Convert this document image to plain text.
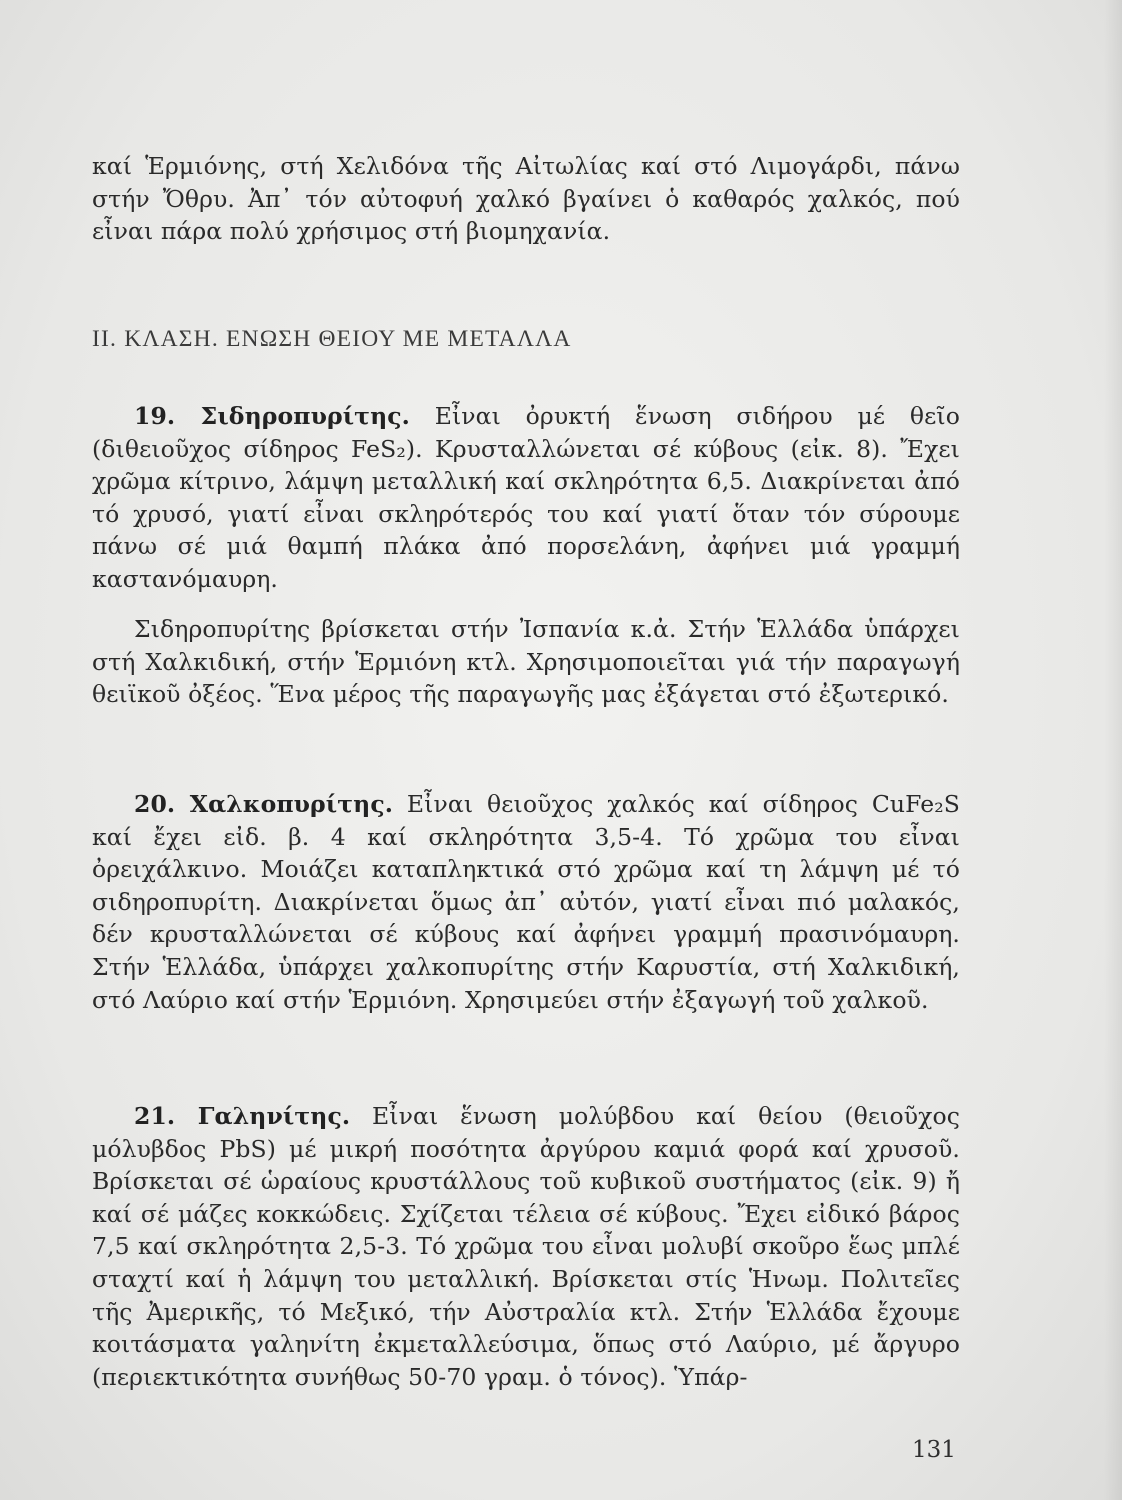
καί Ἑρμιόνης, στή Χελιδόνα τῆς Αἰτωλίας καί στό Λιμογάρδι, πάνω στήν Ὄθρυ. Ἀπ᾽ τόν αὐτοφυή χαλκό βγαίνει ὁ καθαρός χαλκός, πού εἶναι πάρα πολύ χρήσιμος στή βιομηχανία.

II. ΚΛΑΣΗ. ΕΝΩΣΗ ΘΕΙΟΥ ΜΕ ΜΕΤΑΛΛΑ

19. Σιδηροπυρίτης. Εἶναι ὀρυκτή ἕνωση σιδήρου μέ θεῖο (διθειοῦχος σίδηρος FeS₂). Κρυσταλλώνεται σέ κύβους (εἰκ. 8). Ἔχει χρῶμα κίτρινο, λάμψη μεταλλική καί σκληρότητα 6,5. Διακρίνεται ἀπό τό χρυσό, γιατί εἶναι σκληρότερός του καί γιατί ὅταν τόν σύρουμε πάνω σέ μιά θαμπή πλάκα ἀπό πορσελάνη, ἀφήνει μιά γραμμή καστανόμαυρη.

Σιδηροπυρίτης βρίσκεται στήν Ἰσπανία κ.ἀ. Στήν Ἑλλάδα ὑπάρχει στή Χαλκιδική, στήν Ἑρμιόνη κτλ. Χρησιμοποιεῖται γιά τήν παραγωγή θειϊκοῦ ὀξέος. Ἕνα μέρος τῆς παραγωγῆς μας ἐξάγεται στό ἐξωτερικό.

20. Χαλκοπυρίτης. Εἶναι θειοῦχος χαλκός καί σίδηρος CuFe₂S καί ἔχει εἰδ. β. 4 καί σκληρότητα 3,5-4. Τό χρῶμα του εἶναι ὀρειχάλκινο. Μοιάζει καταπληκτικά στό χρῶμα καί τη λάμψη μέ τό σιδηροπυρίτη. Διακρίνεται ὅμως ἀπ᾽ αὐτόν, γιατί εἶναι πιό μαλακός, δέν κρυσταλλώνεται σέ κύβους καί ἀφήνει γραμμή πρασινόμαυρη. Στήν Ἑλλάδα, ὑπάρχει χαλκοπυρίτης στήν Καρυστία, στή Χαλκιδική, στό Λαύριο καί στήν Ἑρμιόνη. Χρησιμεύει στήν ἐξαγωγή τοῦ χαλκοῦ.

21. Γαληνίτης. Εἶναι ἕνωση μολύβδου καί θείου (θειοῦχος μόλυβδος PbS) μέ μικρή ποσότητα ἀργύρου καμιά φορά καί χρυσοῦ. Βρίσκεται σέ ὡραίους κρυστάλλους τοῦ κυβικοῦ συστήματος (εἰκ. 9) ἤ καί σέ μάζες κοκκώδεις. Σχίζεται τέλεια σέ κύβους. Ἔχει εἰδικό βάρος 7,5 καί σκληρότητα 2,5-3. Τό χρῶμα του εἶναι μολυβί σκοῦρο ἕως μπλέ σταχτί καί ἡ λάμψη του μεταλλική. Βρίσκεται στίς Ἡνωμ. Πολιτεῖες τῆς Ἀμερικῆς, τό Μεξικό, τήν Αὐστραλία κτλ. Στήν Ἑλλάδα ἔχουμε κοιτάσματα γαληνίτη ἐκμεταλλεύσιμα, ὅπως στό Λαύριο, μέ ἄργυρο (περιεκτικότητα συνήθως 50-70 γραμ. ὁ τόνος). Ὑπάρ-

131
